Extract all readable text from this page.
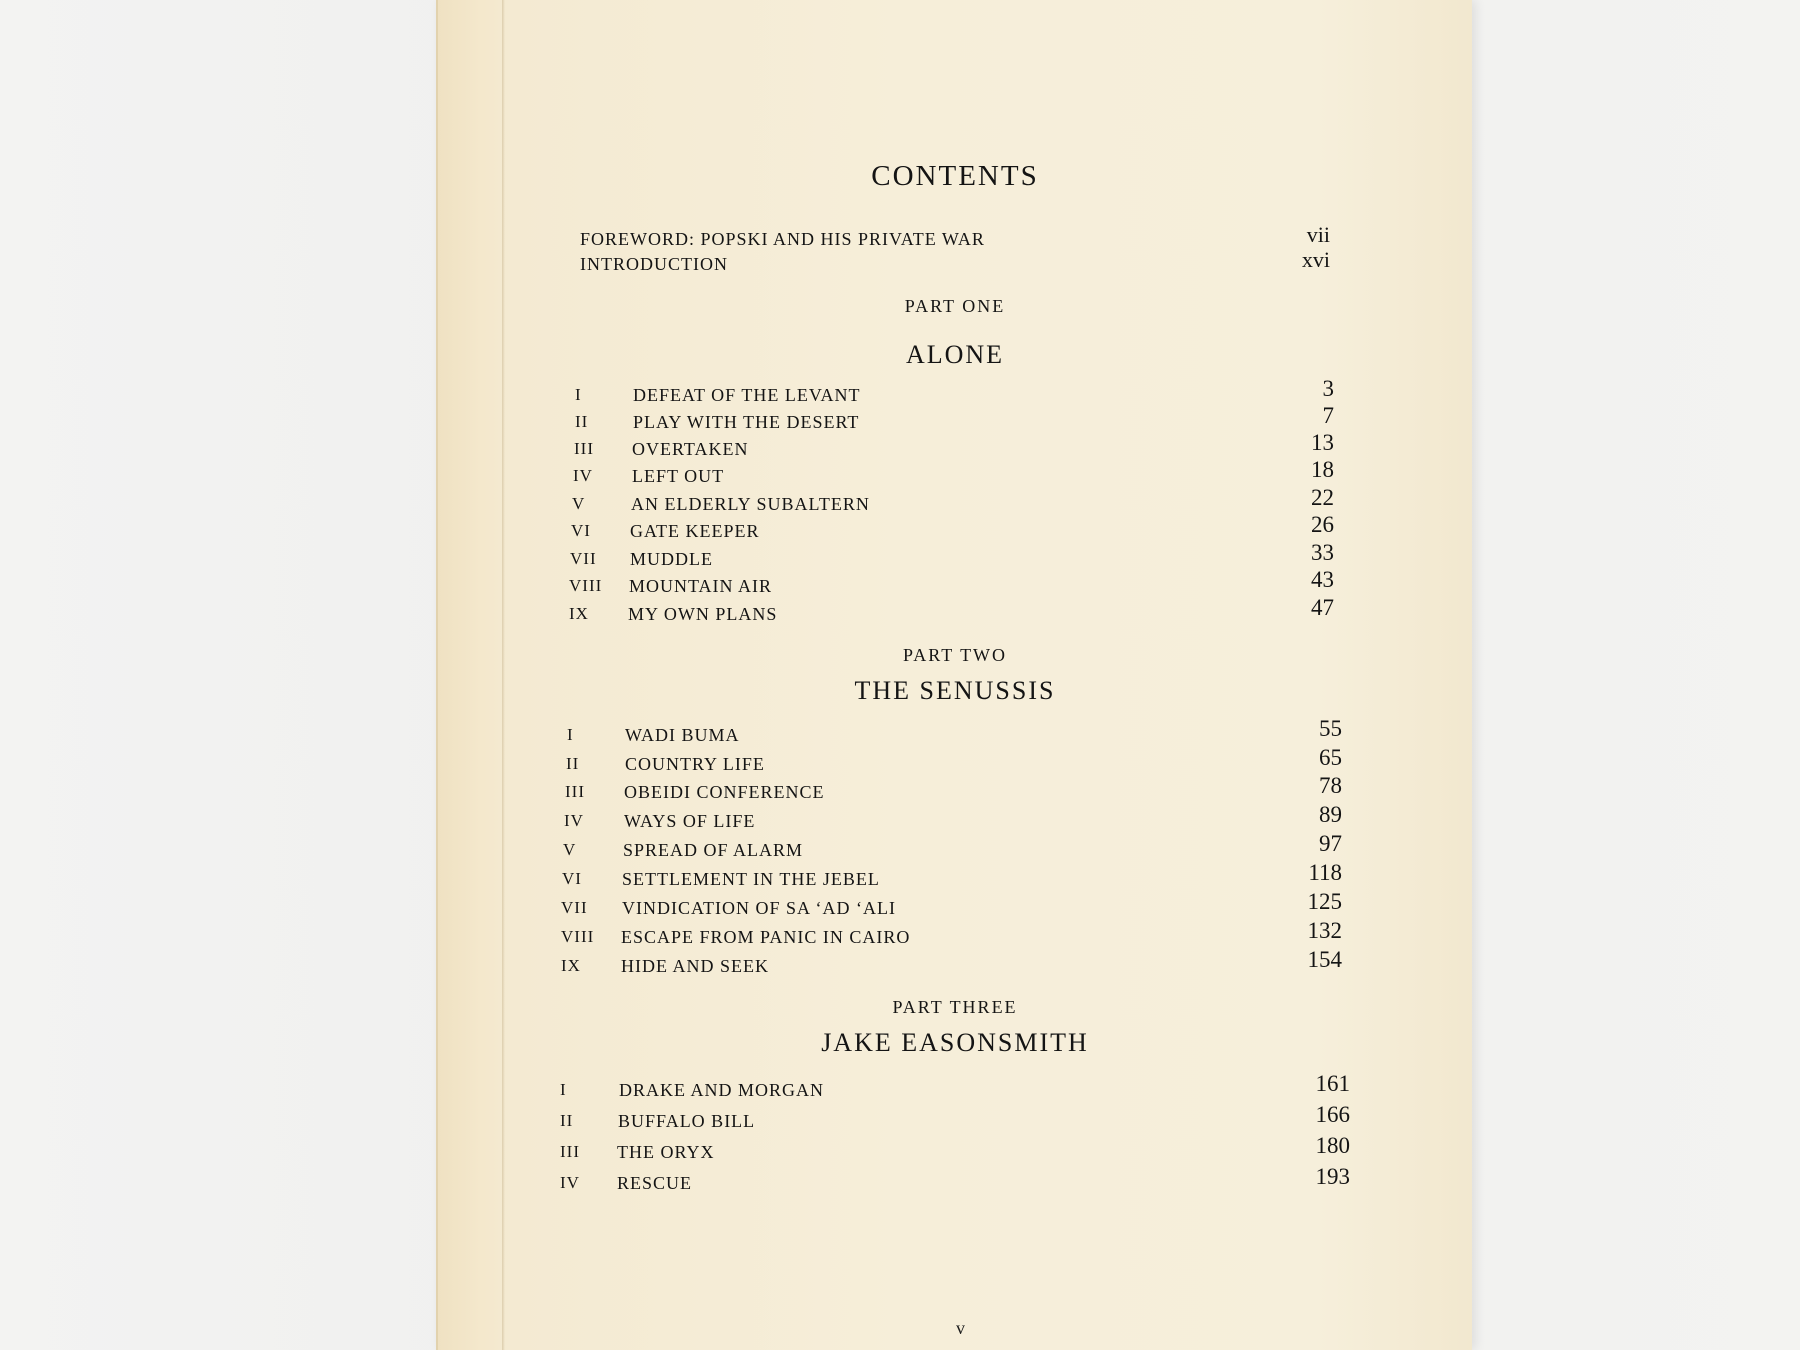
CONTENTS
FOREWORD: POPSKI AND HIS PRIVATE WAR	vii
INTRODUCTION	xvi
PART ONE
ALONE
I	DEFEAT OF THE LEVANT	3
II PLAY WITH THE DESERT	7
III OVERTAKEN	13
IV LEFT OUT	18
V	AN ELDERLY SUBALTERN	22
VI GATE KEEPER	26
VII MUDDLE	33
VIII MOUNTAIN AIR	43
IX MY OWN PLANS	47
PART TWO
THE SENUSSIS
I	WADI BUMA	55
II	COUNTRY LIFE	65
III OBEIDI CONFERENCE	78
IV WAYS OF LIFE	89
V	SPREAD OF ALARM	97
VI SETTLEMENT IN THE JEBEL	118
VII VINDICATION OF SA ‘AD ‘ALI	125
VIII ESCAPE FROM PANIC IN CAIRO	132
IX HIDE AND SEEK	154
PART THREE
JAKE EASONSMITH
I	DRAKE AND MORGAN	161
II BUFFALO BILL	166
III THE ORYX	180
IV RESCUE	193
v
